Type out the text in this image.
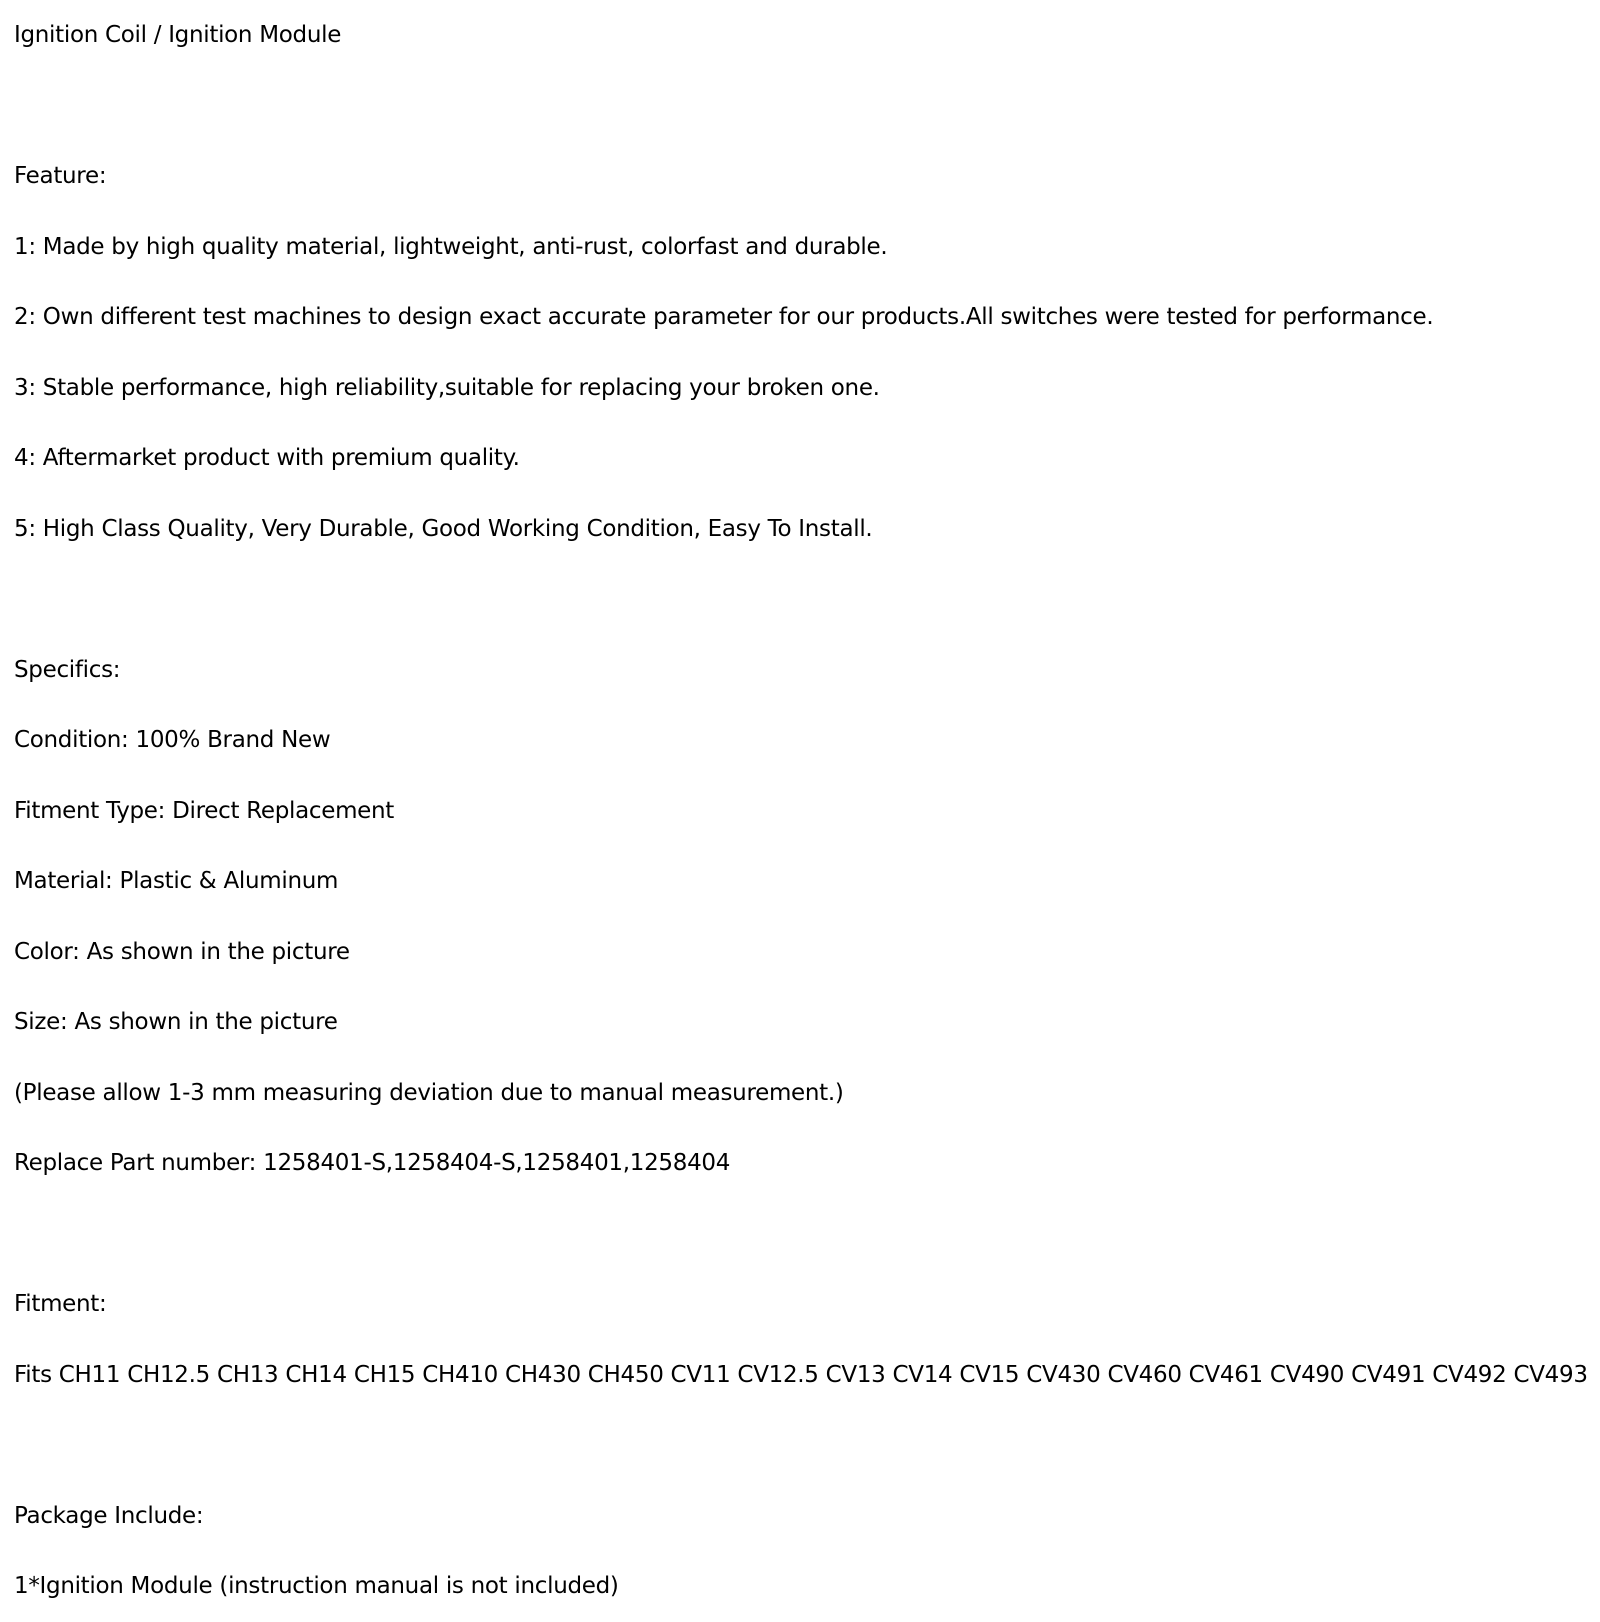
Ignition Coil / Ignition Module
Feature:
1: Made by high quality material, lightweight, anti-rust, colorfast and durable.
2: Own different test machines to design exact accurate parameter for our products.All switches were tested for performance.
3: Stable performance, high reliability,suitable for replacing your broken one.
4: Aftermarket product with premium quality.
5: High Class Quality, Very Durable, Good Working Condition, Easy To Install.
Specifics:
Condition: 100% Brand New
Fitment Type: Direct Replacement
Material: Plastic & Aluminum
Color: As shown in the picture
Size: As shown in the picture
(Please allow 1-3 mm measuring deviation due to manual measurement.)
Replace Part number: 1258401-S,1258404-S,1258401,1258404
Fitment:
Fits CH11 CH12.5 CH13 CH14 CH15 CH410 CH430 CH450 CV11 CV12.5 CV13 CV14 CV15 CV430 CV460 CV461 CV490 CV491 CV492 CV493
Package Include:
1*Ignition Module (instruction manual is not included)
